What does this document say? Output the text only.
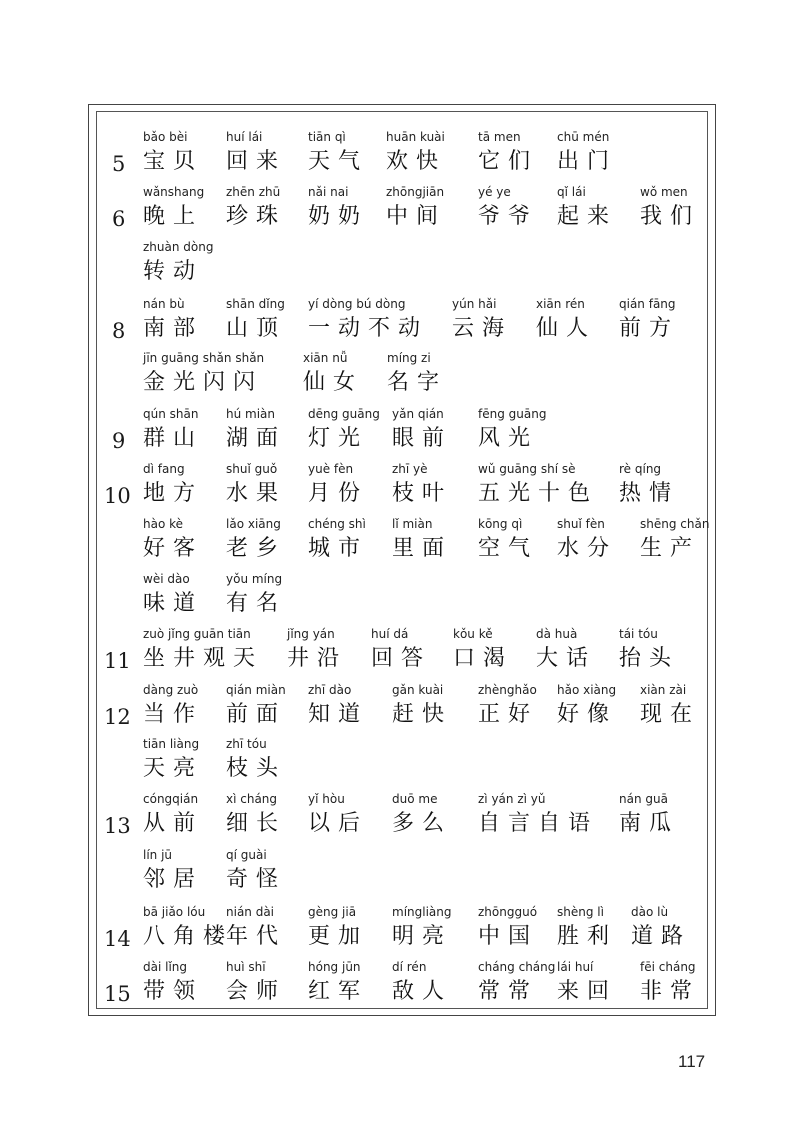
5
bǎo bèi
宝贝
huí lái
回来
tiān qì
天气
huān kuài
欢快
tā men
它们
chū mén
出门
6
wǎnshang
晚上
zhēn zhū
珍珠
nǎi nai
奶奶
zhōngjiān
中间
yé ye
爷爷
qǐ lái
起来
wǒ men
我们
zhuàn dòng
转动
8
nán bù
南部
shān dǐng
山顶
yí dòng bú dòng
一动不动
yún hǎi
云海
xiān rén
仙人
qián fāng
前方
jīn guāng shǎn shǎn
金光闪闪
xiān nǚ
仙女
míng zi
名字
9
qún shān
群山
hú miàn
湖面
dēng guāng
灯光
yǎn qián
眼前
fēng guāng
风光
10
dì fang
地方
shuǐ guǒ
水果
yuè fèn
月份
zhī yè
枝叶
wǔ guāng shí sè
五光十色
rè qíng
热情
hào kè
好客
lǎo xiāng
老乡
chéng shì
城市
lǐ miàn
里面
kōng qì
空气
shuǐ fèn
水分
shēng chǎn
生产
wèi dào
味道
yǒu míng
有名
11
zuò jǐng guān tiān
坐井观天
jǐng yán
井沿
huí dá
回答
kǒu kě
口渴
dà huà
大话
tái tóu
抬头
12
dàng zuò
当作
qián miàn
前面
zhī dào
知道
gǎn kuài
赶快
zhènghǎo
正好
hǎo xiàng
好像
xiàn zài
现在
tiān liàng
天亮
zhī tóu
枝头
13
cóngqián
从前
xì cháng
细长
yǐ hòu
以后
duō me
多么
zì yán zì yǔ
自言自语
nán guā
南瓜
lín jū
邻居
qí guài
奇怪
14
bā jiǎo lóu
八角楼
nián dài
年代
gèng jiā
更加
míngliàng
明亮
zhōngguó
中国
shèng lì
胜利
dào lù
道路
15
dài lǐng
带领
huì shī
会师
hóng jūn
红军
dí rén
敌人
cháng cháng
常常
lái huí
来回
fēi cháng
非常
117
